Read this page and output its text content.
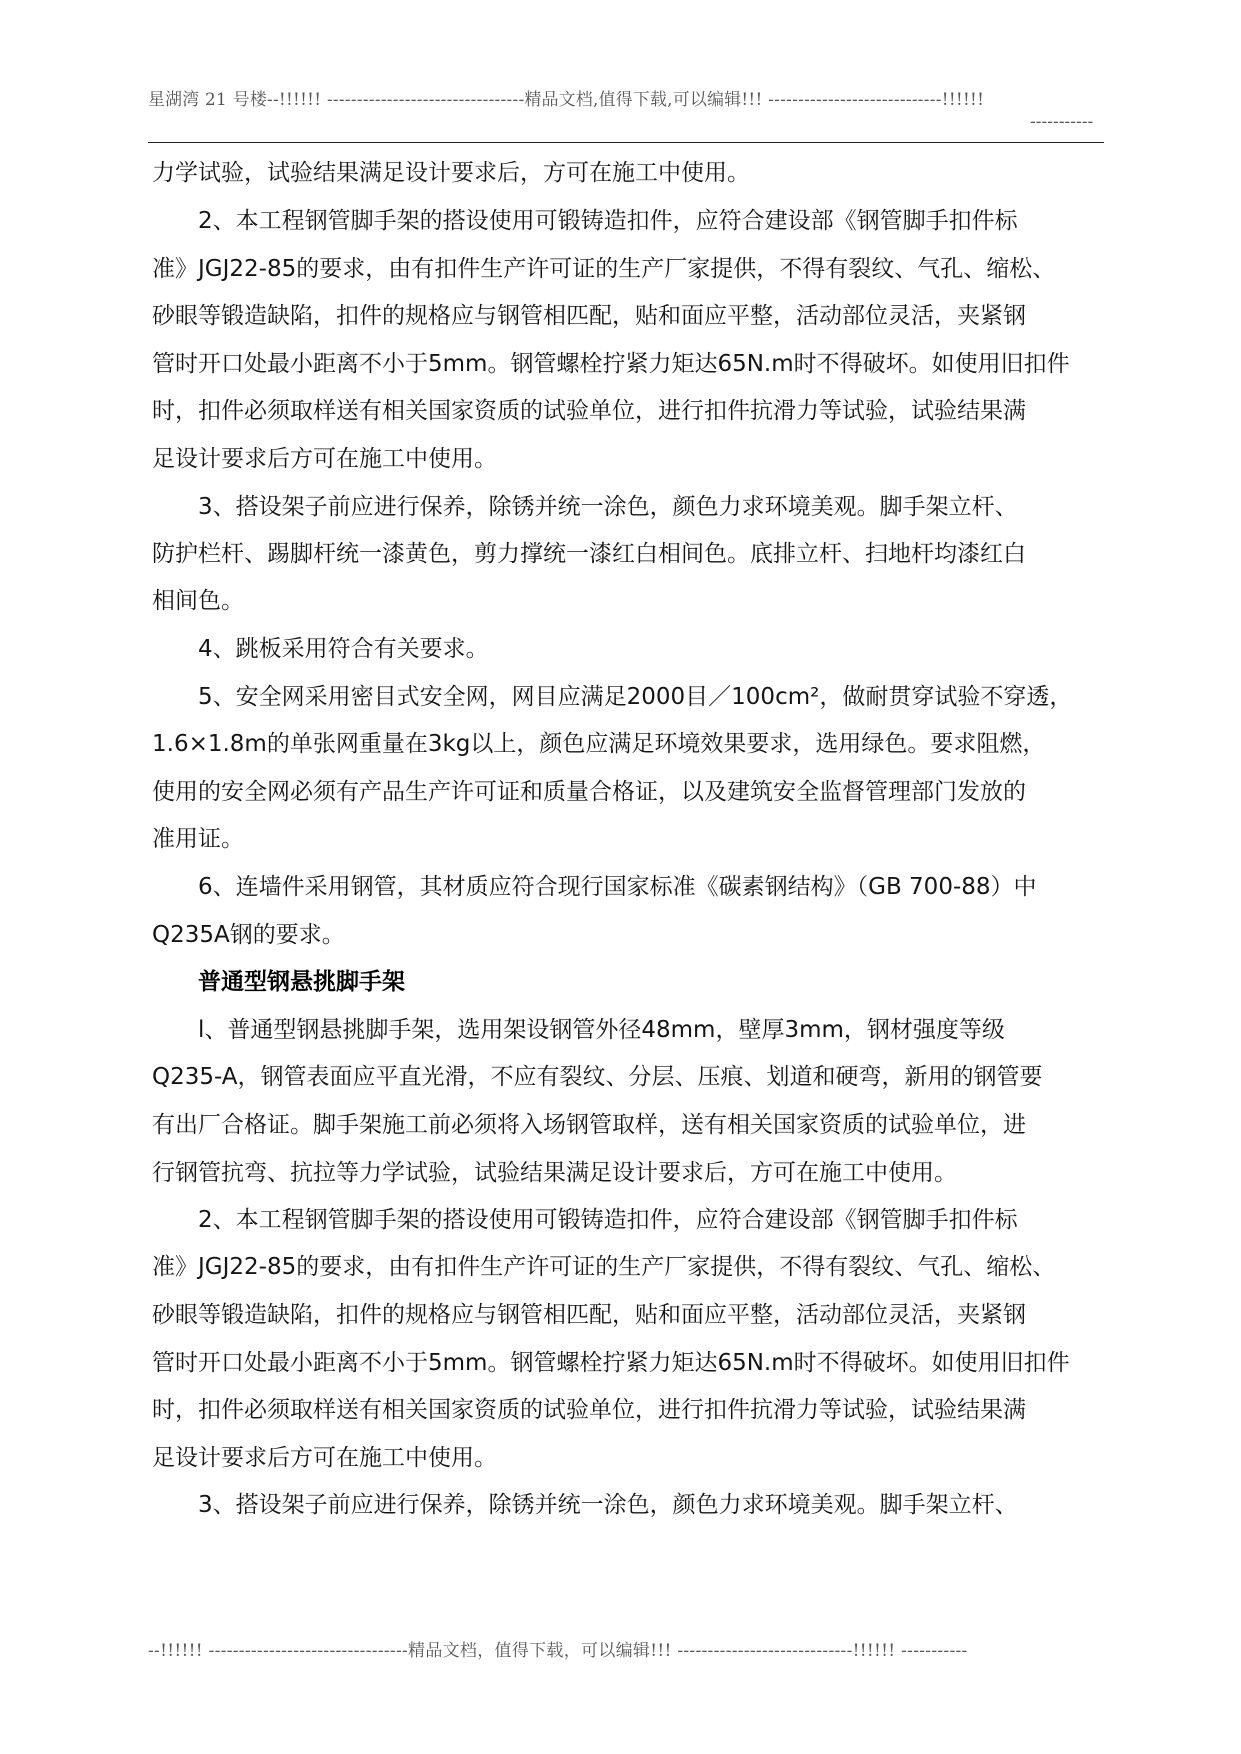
星湖湾 21 号楼--!!!!!! ---------------------------------精品文档,值得下载,可以编辑!!! -----------------------------!!!!!!
-----------
力学试验，试验结果满足设计要求后，方可在施工中使用。
2、本工程钢管脚手架的搭设使用可锻铸造扣件，应符合建设部《钢管脚手扣件标
准》JGJ22-85的要求，由有扣件生产许可证的生产厂家提供，不得有裂纹、气孔、缩松、
砂眼等锻造缺陷，扣件的规格应与钢管相匹配，贴和面应平整，活动部位灵活，夹紧钢
管时开口处最小距离不小于5mm。钢管螺栓拧紧力矩达65N.m时不得破坏。如使用旧扣件
时，扣件必须取样送有相关国家资质的试验单位，进行扣件抗滑力等试验，试验结果满
足设计要求后方可在施工中使用。
3、搭设架子前应进行保养，除锈并统一涂色，颜色力求环境美观。脚手架立杆、
防护栏杆、踢脚杆统一漆黄色，剪力撑统一漆红白相间色。底排立杆、扫地杆均漆红白
相间色。
4、跳板采用符合有关要求。
5、安全网采用密目式安全网，网目应满足2000目／100cm²，做耐贯穿试验不穿透，
1.6×1.8m的单张网重量在3kg以上，颜色应满足环境效果要求，选用绿色。要求阻燃，
使用的安全网必须有产品生产许可证和质量合格证，以及建筑安全监督管理部门发放的
准用证。
6、连墙件采用钢管，其材质应符合现行国家标准《碳素钢结构》（GB 700-88）中
Q235A钢的要求。
普通型钢悬挑脚手架
l、普通型钢悬挑脚手架，选用架设钢管外径48mm，壁厚3mm，钢材强度等级
Q235-A，钢管表面应平直光滑，不应有裂纹、分层、压痕、划道和硬弯，新用的钢管要
有出厂合格证。脚手架施工前必须将入场钢管取样，送有相关国家资质的试验单位，进
行钢管抗弯、抗拉等力学试验，试验结果满足设计要求后，方可在施工中使用。
2、本工程钢管脚手架的搭设使用可锻铸造扣件，应符合建设部《钢管脚手扣件标
准》JGJ22-85的要求，由有扣件生产许可证的生产厂家提供，不得有裂纹、气孔、缩松、
砂眼等锻造缺陷，扣件的规格应与钢管相匹配，贴和面应平整，活动部位灵活，夹紧钢
管时开口处最小距离不小于5mm。钢管螺栓拧紧力矩达65N.m时不得破坏。如使用旧扣件
时，扣件必须取样送有相关国家资质的试验单位，进行扣件抗滑力等试验，试验结果满
足设计要求后方可在施工中使用。
3、搭设架子前应进行保养，除锈并统一涂色，颜色力求环境美观。脚手架立杆、
--!!!!!! ---------------------------------精品文档，值得下载，可以编辑!!! -----------------------------!!!!!! -----------
